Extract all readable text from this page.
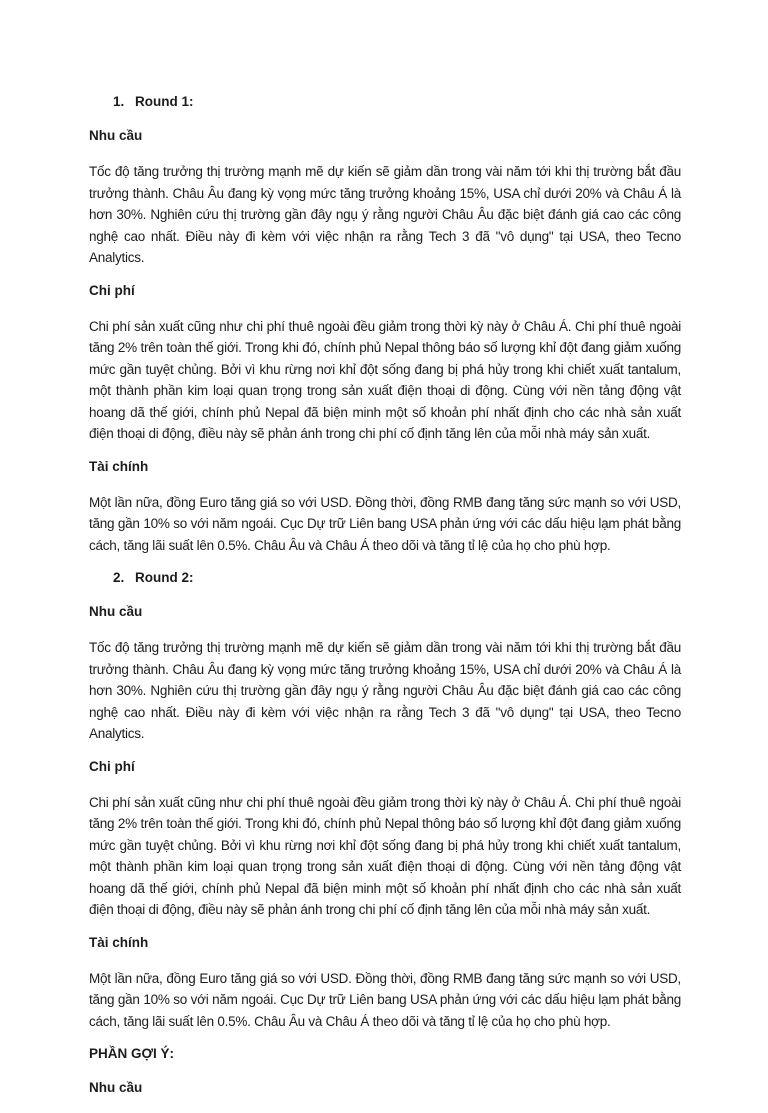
1. Round 1:
Nhu cầu

Tốc độ tăng trưởng thị trường mạnh mẽ dự kiến sẽ giảm dần trong vài năm tới khi thị trường bắt đầu trưởng thành. Châu Âu đang kỳ vọng mức tăng trưởng khoảng 15%, USA chỉ dưới 20% và Châu Á là hơn 30%. Nghiên cứu thị trường gần đây ngụ ý rằng người Châu Âu đặc biệt đánh giá cao các công nghệ cao nhất. Điều này đi kèm với việc nhận ra rằng Tech 3 đã "vô dụng" tại USA, theo Tecno Analytics.

Chi phí

Chi phí sản xuất cũng như chi phí thuê ngoài đều giảm trong thời kỳ này ở Châu Á. Chi phí thuê ngoài tăng 2% trên toàn thế giới. Trong khi đó, chính phủ Nepal thông báo số lượng khỉ đột đang giảm xuống mức gần tuyệt chủng. Bởi vì khu rừng nơi khỉ đột sống đang bị phá hủy trong khi chiết xuất tantalum, một thành phần kim loại quan trọng trong sản xuất điện thoại di động. Cùng với nền tảng động vật hoang dã thế giới, chính phủ Nepal đã biện minh một số khoản phí nhất định cho các nhà sản xuất điện thoại di động, điều này sẽ phản ánh trong chi phí cố định tăng lên của mỗi nhà máy sản xuất.

Tài chính

Một lần nữa, đồng Euro tăng giá so với USD. Đồng thời, đồng RMB đang tăng sức mạnh so với USD, tăng gần 10% so với năm ngoái. Cục Dự trữ Liên bang USA phản ứng với các dấu hiệu lạm phát bằng cách, tăng lãi suất lên 0.5%. Châu Âu và Châu Á theo dõi và tăng tỉ lệ của họ cho phù hợp.

2. Round 2:
Nhu cầu

Tốc độ tăng trưởng thị trường mạnh mẽ dự kiến sẽ giảm dần trong vài năm tới khi thị trường bắt đầu trưởng thành. Châu Âu đang kỳ vọng mức tăng trưởng khoảng 15%, USA chỉ dưới 20% và Châu Á là hơn 30%. Nghiên cứu thị trường gần đây ngụ ý rằng người Châu Âu đặc biệt đánh giá cao các công nghệ cao nhất. Điều này đi kèm với việc nhận ra rằng Tech 3 đã "vô dụng" tại USA, theo Tecno Analytics.

Chi phí

Chi phí sản xuất cũng như chi phí thuê ngoài đều giảm trong thời kỳ này ở Châu Á. Chi phí thuê ngoài tăng 2% trên toàn thế giới. Trong khi đó, chính phủ Nepal thông báo số lượng khỉ đột đang giảm xuống mức gần tuyệt chủng. Bởi vì khu rừng nơi khỉ đột sống đang bị phá hủy trong khi chiết xuất tantalum, một thành phần kim loại quan trọng trong sản xuất điện thoại di động. Cùng với nền tảng động vật hoang dã thế giới, chính phủ Nepal đã biện minh một số khoản phí nhất định cho các nhà sản xuất điện thoại di động, điều này sẽ phản ánh trong chi phí cố định tăng lên của mỗi nhà máy sản xuất.

Tài chính

Một lần nữa, đồng Euro tăng giá so với USD. Đồng thời, đồng RMB đang tăng sức mạnh so với USD, tăng gần 10% so với năm ngoái. Cục Dự trữ Liên bang USA phản ứng với các dấu hiệu lạm phát bằng cách, tăng lãi suất lên 0.5%. Châu Âu và Châu Á theo dõi và tăng tỉ lệ của họ cho phù hợp.

PHẦN GỢI Ý:
Nhu cầu
